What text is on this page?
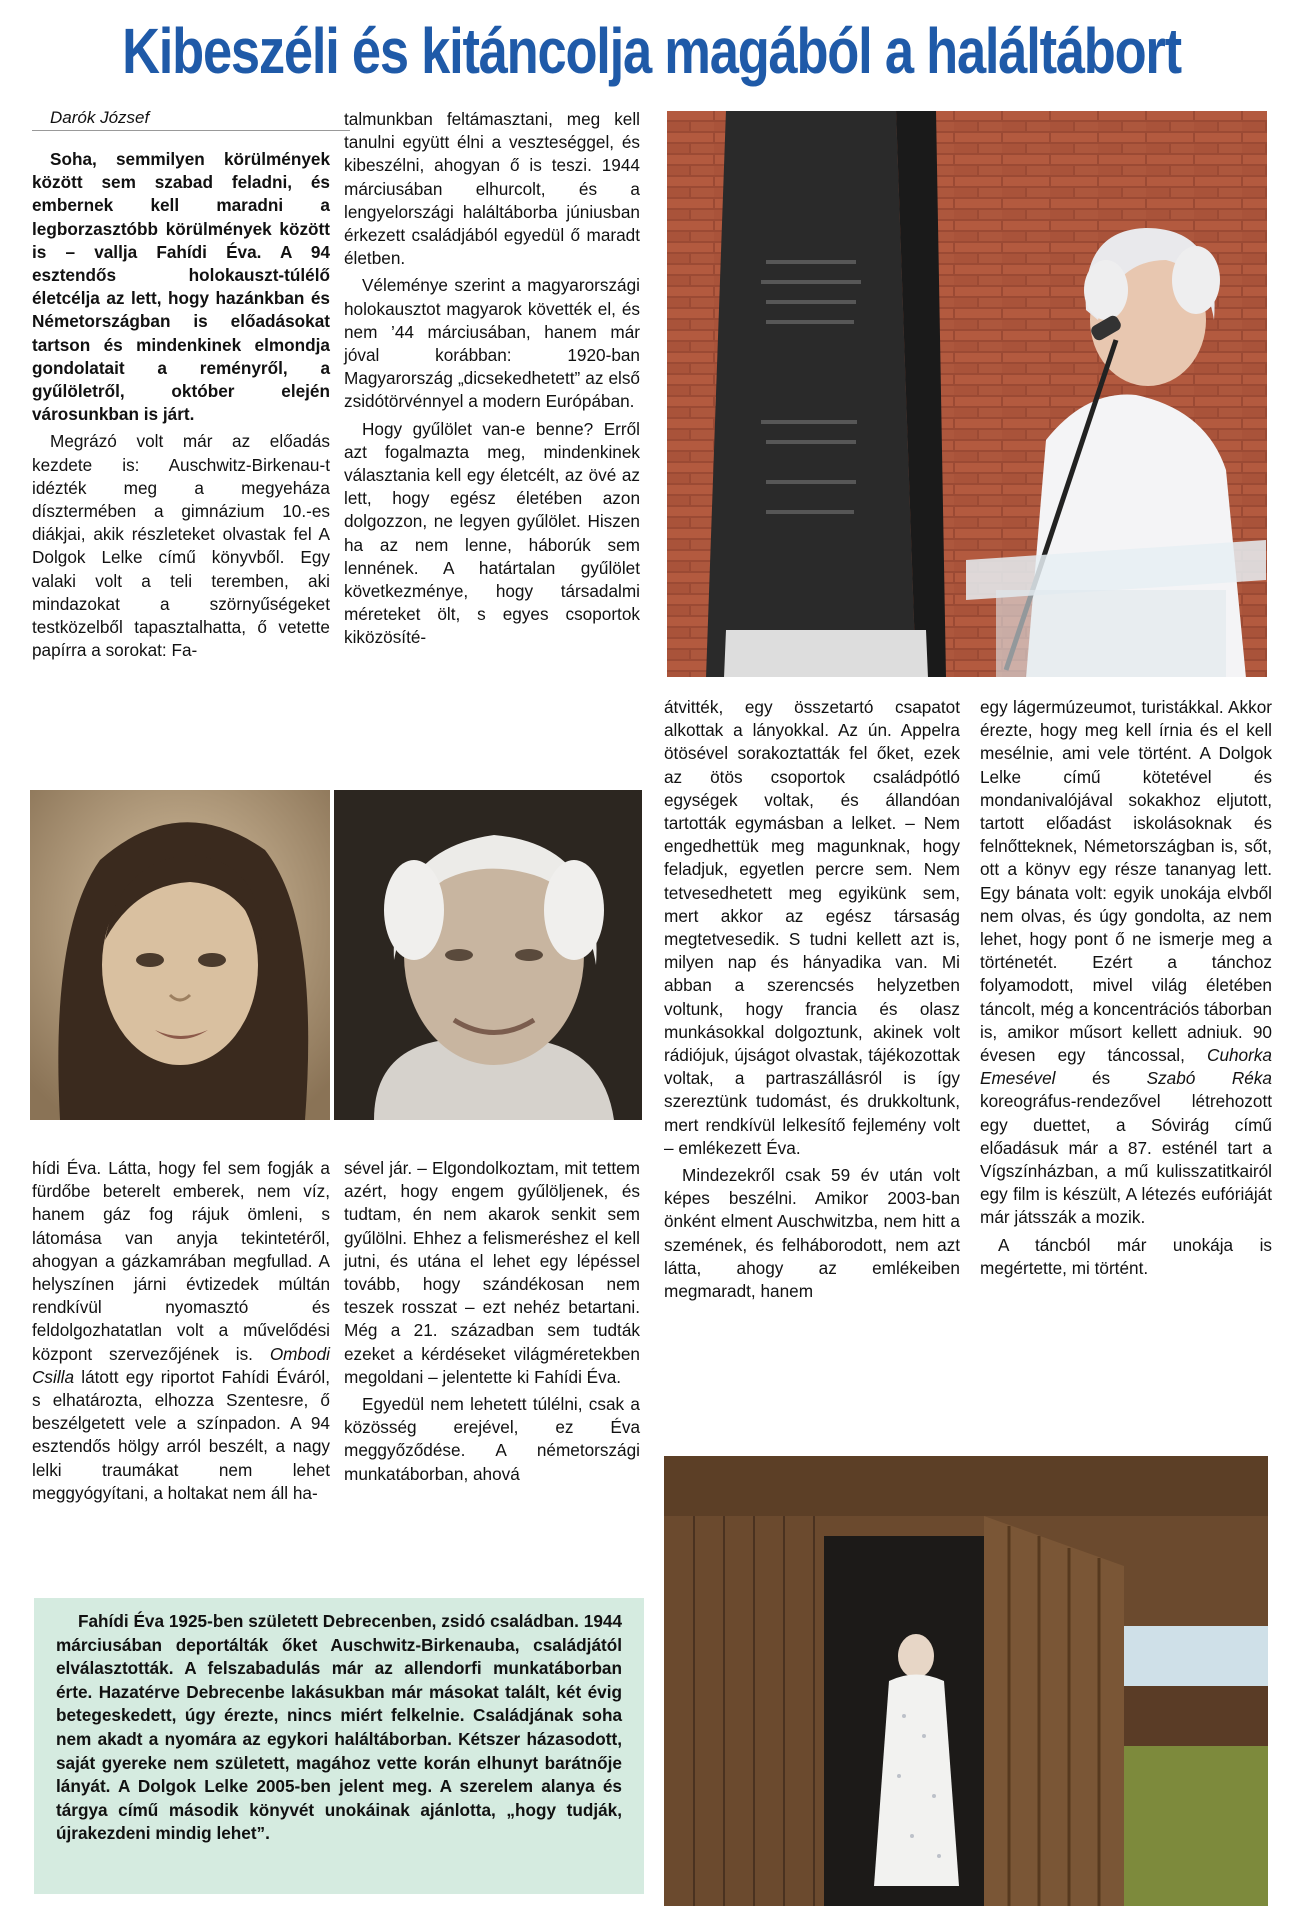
Kibeszéli és kitáncolja magából a haláltábort
Darók József

Soha, semmilyen körülmények között sem szabad feladni, és embernek kell maradni a legborzasztóbb körülmények között is – vallja Fahídi Éva. A 94 esztendős holokauszt-túlélő életcélja az lett, hogy hazánkban és Németországban is előadásokat tartson és mindenkinek elmondja gondolatait a reményről, a gyűlöletről, október elején városunkban is járt.

Megrázó volt már az előadás kezdete is: Auschwitz-Birkenau-t idézték meg a megyeháza dísztermében a gimnázium 10.-es diákjai, akik részleteket olvastak fel A Dolgok Lelke című könyvből. Egy valaki volt a teli teremben, aki mindazokat a szörnyűségeket testközelből tapasztalhatta, ő vetette papírra a sorokat: Fa-

talmunkban feltámasztani, meg kell tanulni együtt élni a veszteséggel, és kibeszélni, ahogyan ő is teszi. 1944 márciusában elhurcolt, és a lengyelországi haláltáborba júniusban érkezett családjából egyedül ő maradt életben.

Véleménye szerint a magyarországi holokausztot magyarok követték el, és nem ’44 márciusában, hanem már jóval korábban: 1920-ban Magyarország „dicsekedhetett” az első zsidótörvénnyel a modern Európában.

Hogy gyűlölet van-e benne? Erről azt fogalmazta meg, mindenkinek választania kell egy életcélt, az övé az lett, hogy egész életében azon dolgozzon, ne legyen gyűlölet. Hiszen ha az nem lenne, háborúk sem lennének. A határtalan gyűlölet következménye, hogy társadalmi méreteket ölt, s egyes csoportok kiközösíté-

hídi Éva. Látta, hogy fel sem fogják a fürdőbe beterelt emberek, nem víz, hanem gáz fog rájuk ömleni, s látomása van anyja tekintetéről, ahogyan a gázkamrában megfullad. A helyszínen járni évtizedek múltán rendkívül nyomasztó és feldolgozhatatlan volt a művelődési központ szervezőjének is. Ombodi Csilla látott egy riportot Fahídi Éváról, s elhatározta, elhozza Szentesre, ő beszélgetett vele a színpadon. A 94 esztendős hölgy arról beszélt, a nagy lelki traumákat nem lehet meggyógyítani, a holtakat nem áll ha-

sével jár. – Elgondolkoztam, mit tettem azért, hogy engem gyűlöljenek, és tudtam, én nem akarok senkit sem gyűlölni. Ehhez a felismeréshez el kell jutni, és utána el lehet egy lépéssel tovább, hogy szándékosan nem teszek rosszat – ezt nehéz betartani. Még a 21. században sem tudták ezeket a kérdéseket világméretekben megoldani – jelentette ki Fahídi Éva.

Egyedül nem lehetett túlélni, csak a közösség erejével, ez Éva meggyőződése. A németországi munkatáborban, ahová

átvitték, egy összetartó csapatot alkottak a lányokkal. Az ún. Appelra ötösével sorakoztatták fel őket, ezek az ötös csoportok családpótló egységek voltak, és állandóan tartották egymásban a lelket. – Nem engedhettük meg magunknak, hogy feladjuk, egyetlen percre sem. Nem tetvesedhetett meg egyikünk sem, mert akkor az egész társaság megtetvesedik. S tudni kellett azt is, milyen nap és hányadika van. Mi abban a szerencsés helyzetben voltunk, hogy francia és olasz munkásokkal dolgoztunk, akinek volt rádiójuk, újságot olvastak, tájékozottak voltak, a partraszállásról is így szereztünk tudomást, és drukkoltunk, mert rendkívül lelkesítő fejlemény volt – emlékezett Éva.

Mindezekről csak 59 év után volt képes beszélni. Amikor 2003-ban önként elment Auschwitzba, nem hitt a szemének, és felháborodott, nem azt látta, ahogy az emlékeiben megmaradt, hanem

egy lágermúzeumot, turistákkal. Akkor érezte, hogy meg kell írnia és el kell mesélnie, ami vele történt. A Dolgok Lelke című kötetével és mondanivalójával sokakhoz eljutott, tartott előadást iskolásoknak és felnőtteknek, Németországban is, sőt, ott a könyv egy része tananyag lett. Egy bánata volt: egyik unokája elvből nem olvas, és úgy gondolta, az nem lehet, hogy pont ő ne ismerje meg a történetét. Ezért a tánchoz folyamodott, mivel világ életében táncolt, még a koncentrációs táborban is, amikor műsort kellett adniuk. 90 évesen egy táncossal, Cuhorka Emesével és Szabó Réka koreográfus-rendezővel létrehozott egy duettet, a Sóvirág című előadásuk már a 87. esténél tart a Vígszínházban, a mű kulisszatitkairól egy film is készült, A létezés eufóriáját már játsszák a mozik.

A táncból már unokája is megértette, mi történt.

Fahídi Éva 1925-ben született Debrecenben, zsidó családban. 1944 márciusában deportálták őket Auschwitz-Birkenauba, családjától elválasztották. A felszabadulás már az allendorfi munkatáborban érte. Hazatérve Debrecenbe lakásukban már másokat talált, két évig betegeskedett, úgy érezte, nincs miért felkelnie. Családjának soha nem akadt a nyomára az egykori haláltáborban. Kétszer házasodott, saját gyereke nem született, magához vette korán elhunyt barátnője lányát. A Dolgok Lelke 2005-ben jelent meg. A szerelem alanya és tárgya című második könyvét unokáinak ajánlotta, „hogy tudják, újrakezdeni mindig lehet”.
